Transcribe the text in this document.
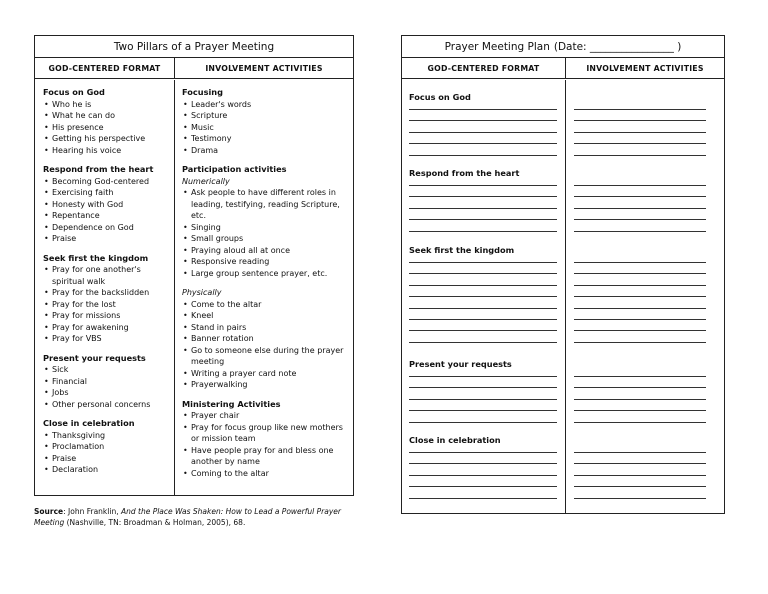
Two Pillars of a Prayer Meeting
GOD-CENTERED FORMAT	INVOLVEMENT ACTIVITIES
Focus on God
• Who he is
• What he can do
• His presence
• Getting his perspective
• Hearing his voice
Respond from the heart
• Becoming God-centered
• Exercising faith
• Honesty with God
• Repentance
• Dependence on God
• Praise
Seek first the kingdom
• Pray for one another's spiritual walk
• Pray for the backslidden
• Pray for the lost
• Pray for missions
• Pray for awakening
• Pray for VBS
Present your requests
• Sick
• Financial
• Jobs
• Other personal concerns
Close in celebration
• Thanksgiving
• Proclamation
• Praise
• Declaration
Focusing
• Leader's words
• Scripture
• Music
• Testimony
• Drama
Participation activities
Numerically
• Ask people to have different roles in leading, testifying, reading Scripture, etc.
• Singing
• Small groups
• Praying aloud all at once
• Responsive reading
• Large group sentence prayer, etc.
Physically
• Come to the altar
• Kneel
• Stand in pairs
• Banner rotation
• Go to someone else during the prayer meeting
• Writing a prayer card note
• Prayerwalking
Ministering Activities
• Prayer chair
• Pray for focus group like new mothers or mission team
• Have people pray for and bless one another by name
• Coming to the altar
Source: John Franklin, And the Place Was Shaken: How to Lead a Powerful Prayer Meeting (Nashville, TN: Broadman & Holman, 2005), 68.
Prayer Meeting Plan (Date: ________________ )
GOD-CENTERED FORMAT	INVOLVEMENT ACTIVITIES
Focus on God
Respond from the heart
Seek first the kingdom
Present your requests
Close in celebration
